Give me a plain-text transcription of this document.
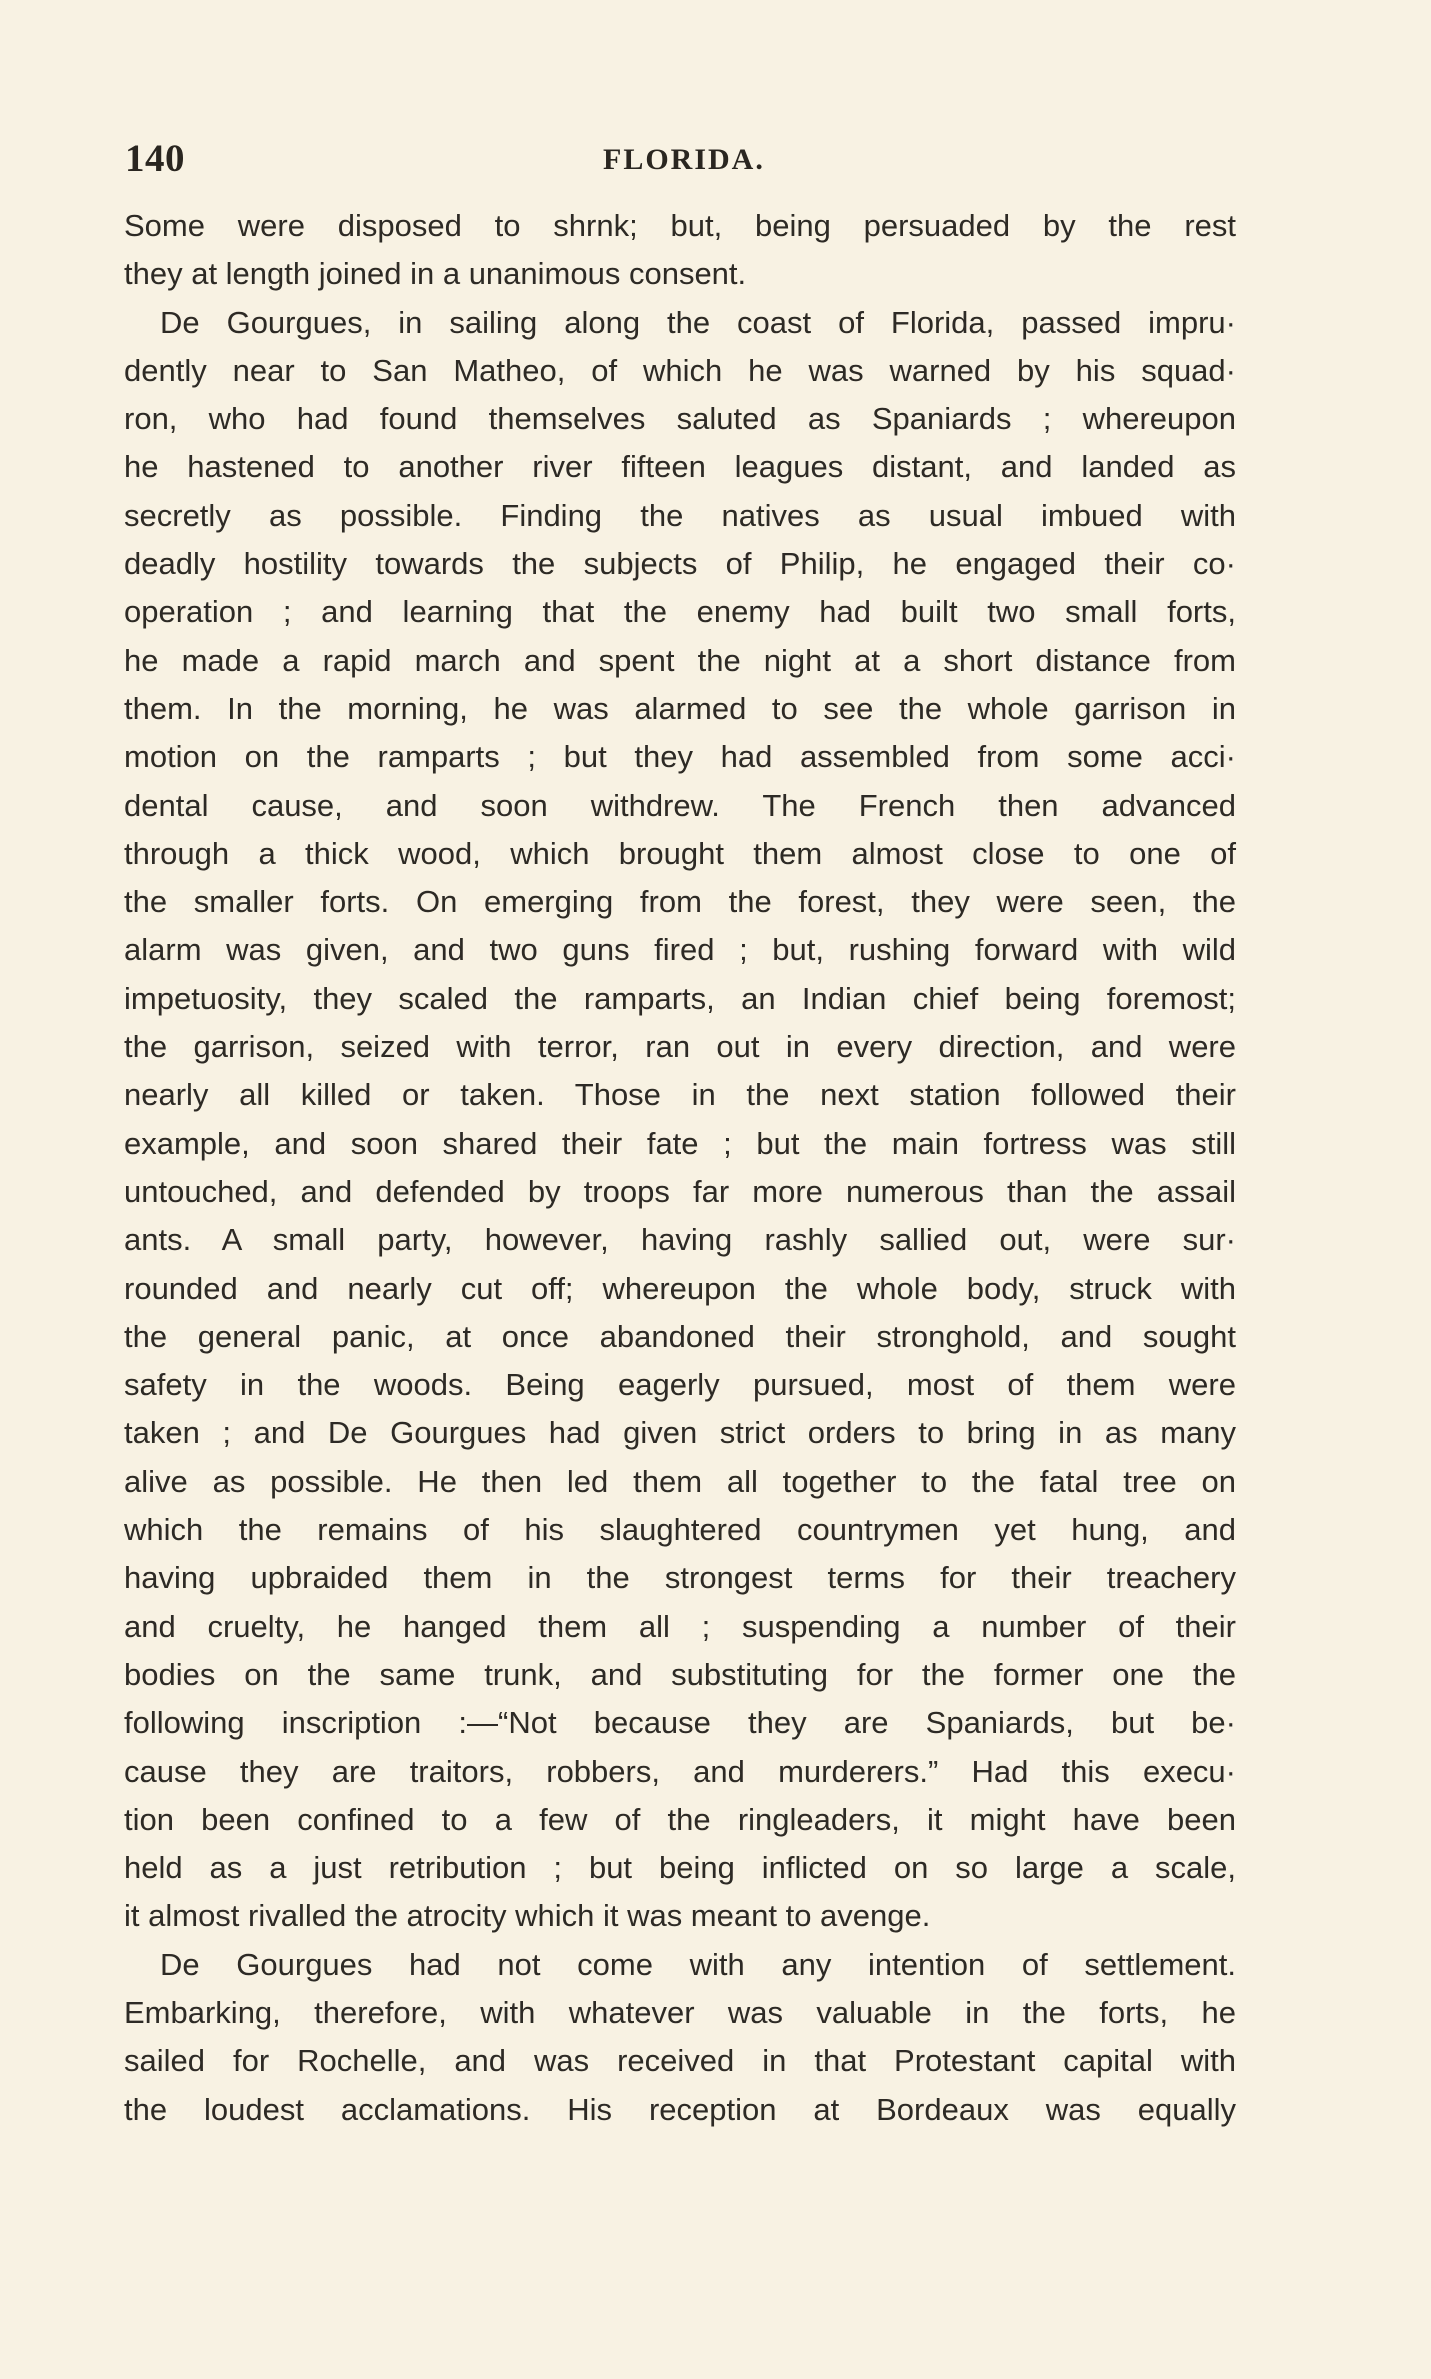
140	FLORIDA.
Some were disposed to shrnk; but, being persuaded by the rest
they at length joined in a unanimous consent.
De Gourgues, in sailing along the coast of Florida, passed impru·
dently near to San Matheo, of which he was warned by his squad·
ron, who had found themselves saluted as Spaniards ; whereupon
he hastened to another river fifteen leagues distant, and landed as
secretly as possible. Finding the natives as usual imbued with
deadly hostility towards the subjects of Philip, he engaged their co·
operation ; and learning that the enemy had built two small forts,
he made a rapid march and spent the night at a short distance from
them. In the morning, he was alarmed to see the whole garrison in
motion on the ramparts ; but they had assembled from some acci·
dental cause, and soon withdrew. The French then advanced
through a thick wood, which brought them almost close to one of
the smaller forts. On emerging from the forest, they were seen, the
alarm was given, and two guns fired ; but, rushing forward with wild
impetuosity, they scaled the ramparts, an Indian chief being foremost;
the garrison, seized with terror, ran out in every direction, and were
nearly all killed or taken. Those in the next station followed their
example, and soon shared their fate ; but the main fortress was still
untouched, and defended by troops far more numerous than the assail
ants. A small party, however, having rashly sallied out, were sur·
rounded and nearly cut off; whereupon the whole body, struck with
the general panic, at once abandoned their stronghold, and sought
safety in the woods. Being eagerly pursued, most of them were
taken ; and De Gourgues had given strict orders to bring in as many
alive as possible. He then led them all together to the fatal tree on
which the remains of his slaughtered countrymen yet hung, and
having upbraided them in the strongest terms for their treachery
and cruelty, he hanged them all ; suspending a number of their
bodies on the same trunk, and substituting for the former one the
following inscription :—“Not because they are Spaniards, but be·
cause they are traitors, robbers, and murderers.” Had this execu·
tion been confined to a few of the ringleaders, it might have been
held as a just retribution ; but being inflicted on so large a scale,
it almost rivalled the atrocity which it was meant to avenge.
De Gourgues had not come with any intention of settlement.
Embarking, therefore, with whatever was valuable in the forts, he
sailed for Rochelle, and was received in that Protestant capital with
the loudest acclamations. His reception at Bordeaux was equally
